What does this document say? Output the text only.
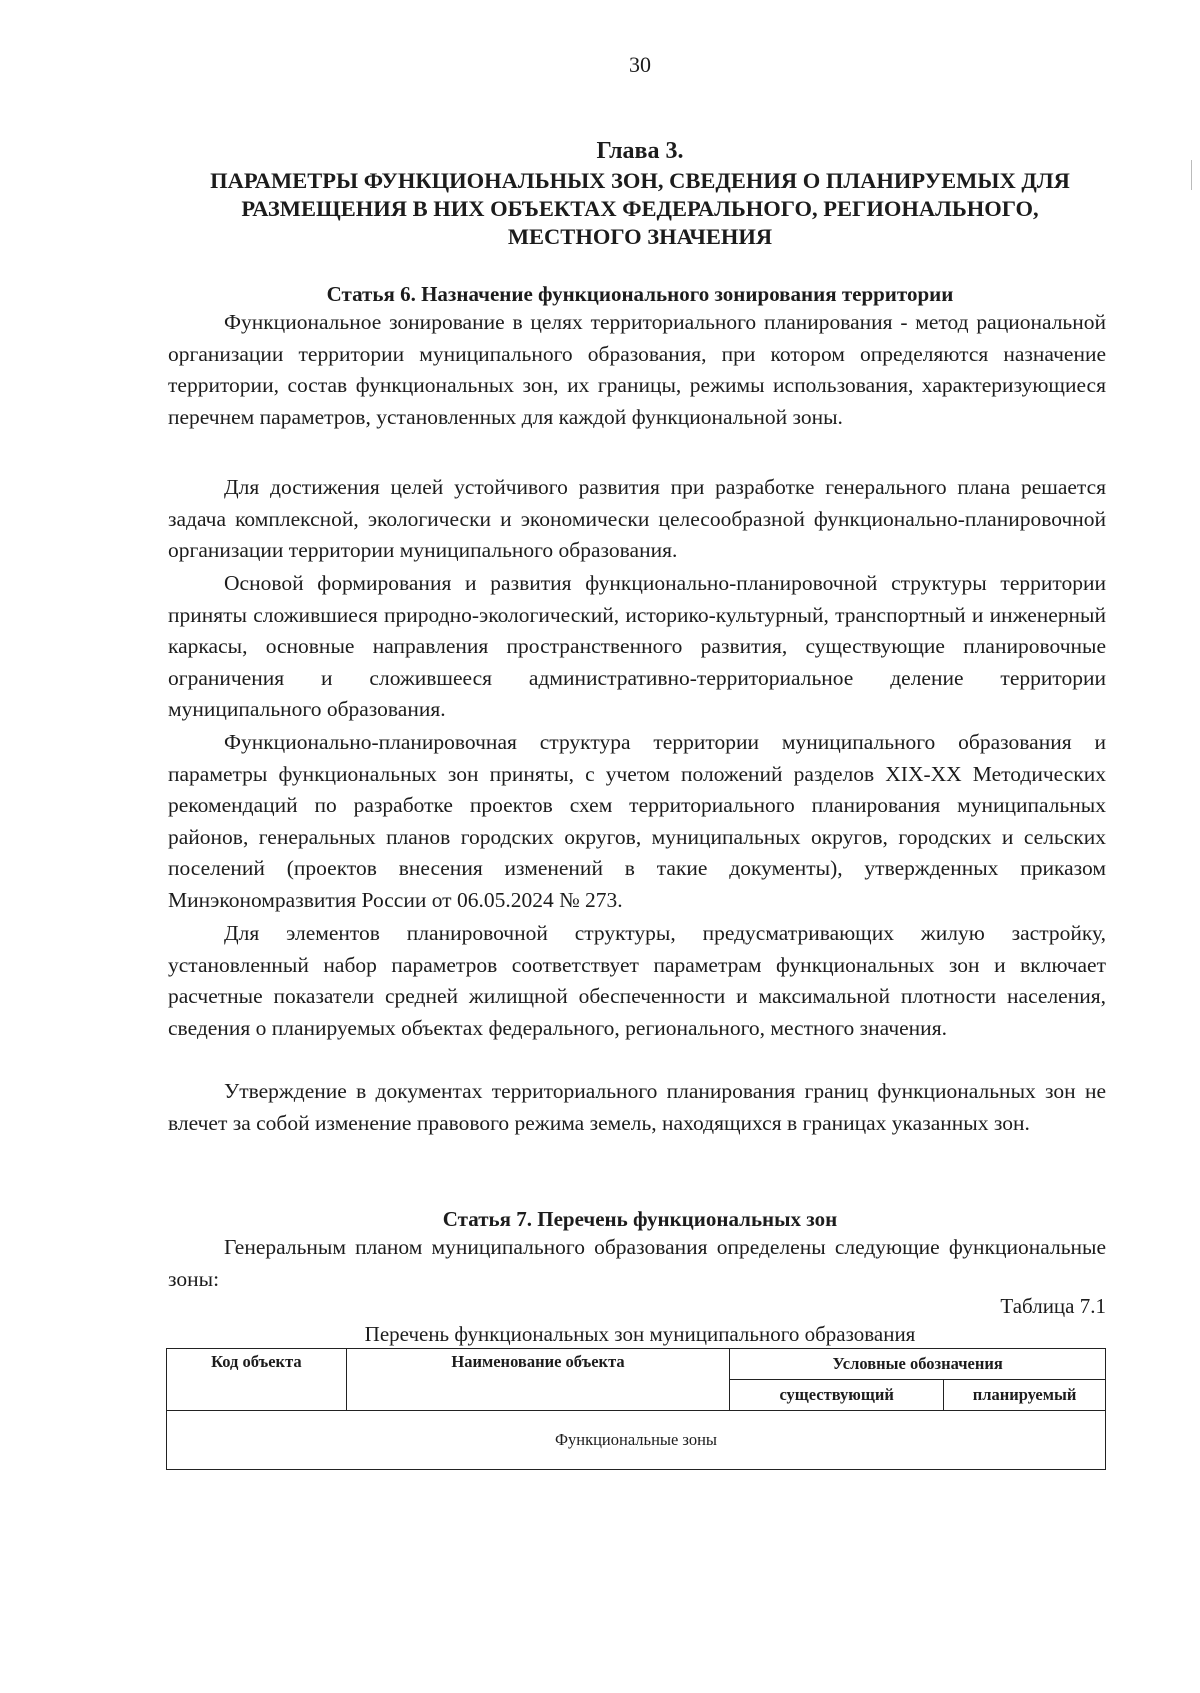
30
Глава 3.
ПАРАМЕТРЫ ФУНКЦИОНАЛЬНЫХ ЗОН, СВЕДЕНИЯ О ПЛАНИРУЕМЫХ ДЛЯ
РАЗМЕЩЕНИЯ В НИХ ОБЪЕКТАХ ФЕДЕРАЛЬНОГО, РЕГИОНАЛЬНОГО,
МЕСТНОГО ЗНАЧЕНИЯ
Статья 6. Назначение функционального зонирования территории

Функциональное зонирование в целях территориального планирования - метод рациональной организации территории муниципального образования, при котором определяются назначение территории, состав функциональных зон, их границы, режимы использования, характеризующиеся перечнем параметров, установленных для каждой функциональной зоны.

Для достижения целей устойчивого развития при разработке генерального плана решается задача комплексной, экологически и экономически целесообразной функционально-планировочной организации территории муниципального образования.

Основой формирования и развития функционально-планировочной структуры территории приняты сложившиеся природно-экологический, историко-культурный, транспортный и инженерный каркасы, основные направления пространственного развития, существующие планировочные ограничения и сложившееся административно-территориальное деление территории муниципального образования.

Функционально-планировочная структура территории муниципального образования и параметры функциональных зон приняты, с учетом положений разделов XIX-XX Методических рекомендаций по разработке проектов схем территориального планирования муниципальных районов, генеральных планов городских округов, муниципальных округов, городских и сельских поселений (проектов внесения изменений в такие документы), утвержденных приказом Минэкономразвития России от 06.05.2024 № 273.

Для элементов планировочной структуры, предусматривающих жилую застройку, установленный набор параметров соответствует параметрам функциональных зон и включает расчетные показатели средней жилищной обеспеченности и максимальной плотности населения, сведения о планируемых объектах федерального, регионального, местного значения.

Утверждение в документах территориального планирования границ функциональных зон не влечет за собой изменение правового режима земель, находящихся в границах указанных зон.

Статья 7. Перечень функциональных зон

Генеральным планом муниципального образования определены следующие функциональные зоны:

Таблица 7.1
Перечень функциональных зон муниципального образования
Код объекта	Наименование объекта	Условные обозначения	
		существующий	планируемый
Функциональные зоны			
